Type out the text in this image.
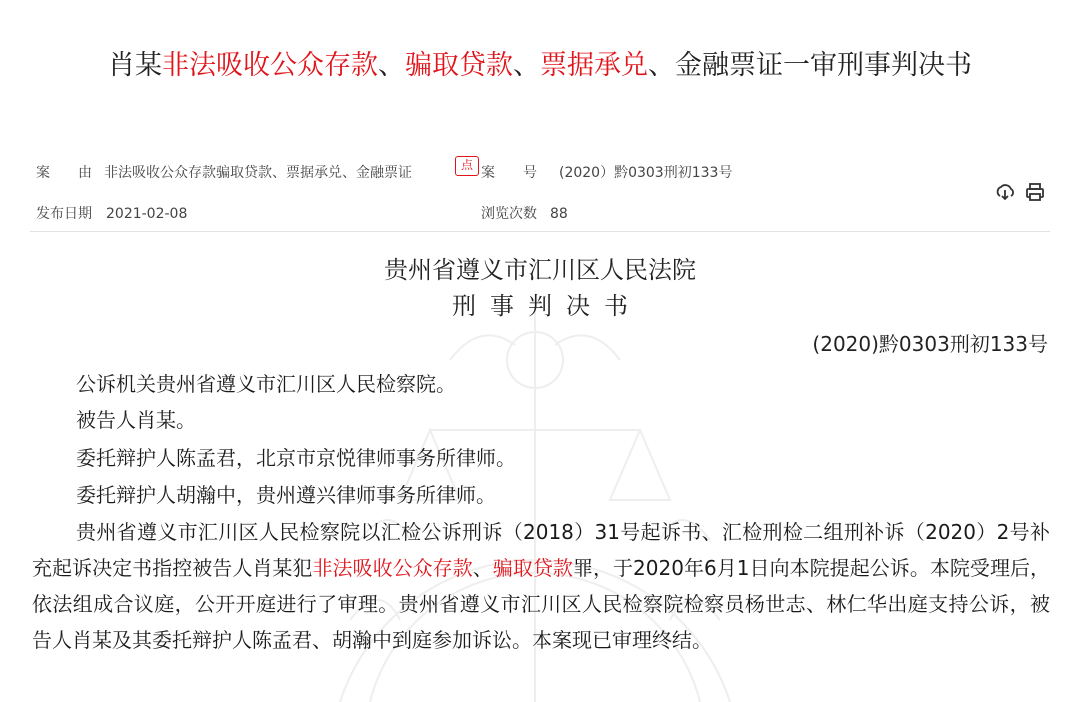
肖某非法吸收公众存款、骗取贷款、票据承兑、金融票证一审刑事判决书
案　　由 非法吸收公众存款骗取贷款、票据承兑、金融票证	点 案　　号 (2020）黔0303刑初133号
发布日期 2021-02-08	浏览次数 88
贵州省遵义市汇川区人民法院
刑事判决书
(2020)黔0303刑初133号
公诉机关贵州省遵义市汇川区人民检察院。
被告人肖某。
委托辩护人陈孟君，北京市京悦律师事务所律师。
委托辩护人胡瀚中，贵州遵兴律师事务所律师。
贵州省遵义市汇川区人民检察院以汇检公诉刑诉（2018）31号起诉书、汇检刑检二组刑补诉（2020）2号补充起诉决定书指控被告人肖某犯非法吸收公众存款、骗取贷款罪，于2020年6月1日向本院提起公诉。本院受理后，依法组成合议庭，公开开庭进行了审理。贵州省遵义市汇川区人民检察院检察员杨世志、林仁华出庭支持公诉，被告人肖某及其委托辩护人陈孟君、胡瀚中到庭参加诉讼。本案现已审理终结。
